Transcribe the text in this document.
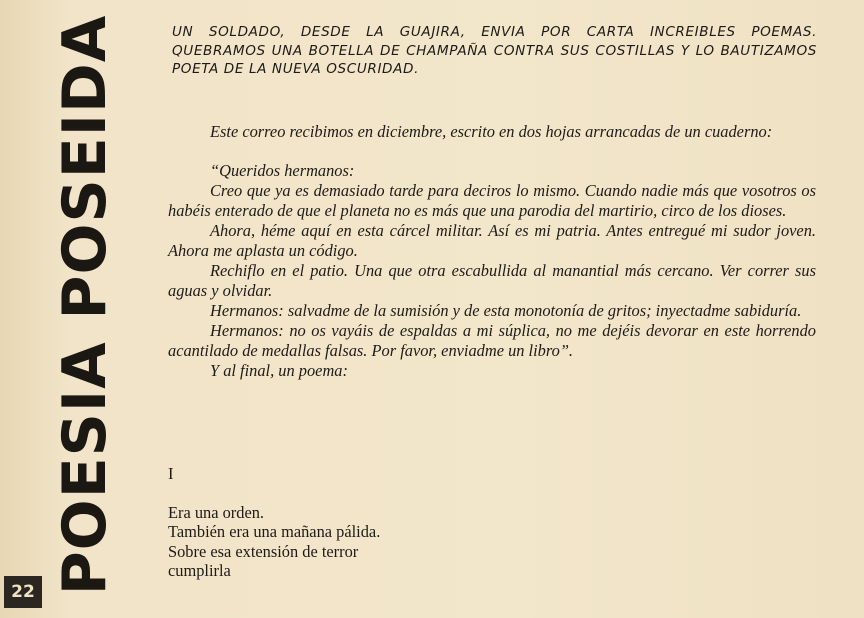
POESIA POSEIDA
22

UN SOLDADO, DESDE LA GUAJIRA, ENVIA POR CARTA INCREIBLES POEMAS. QUEBRAMOS UNA BOTELLA DE CHAMPAÑA CONTRA SUS COSTILLAS Y LO BAUTIZAMOS POETA DE LA NUEVA OSCURIDAD.

Este correo recibimos en diciembre, escrito en dos hojas arrancadas de un cuaderno:

“Queridos hermanos:

Creo que ya es demasiado tarde para deciros lo mismo. Cuando nadie más que vosotros os habéis enterado de que el planeta no es más que una parodia del martirio, circo de los dioses.

Ahora, héme aquí en esta cárcel militar. Así es mi patria. Antes entregué mi sudor joven. Ahora me aplasta un código.

Rechiflo en el patio. Una que otra escabullida al manantial más cercano. Ver correr sus aguas y olvidar.

Hermanos: salvadme de la sumisión y de esta monotonía de gritos; inyectadme sabiduría.

Hermanos: no os vayáis de espaldas a mi súplica, no me dejéis devorar en este horrendo acantilado de medallas falsas. Por favor, enviadme un libro”.

Y al final, un poema:

I

Era una orden.

También era una mañana pálida.

Sobre esa extensión de terror

cumplirla
